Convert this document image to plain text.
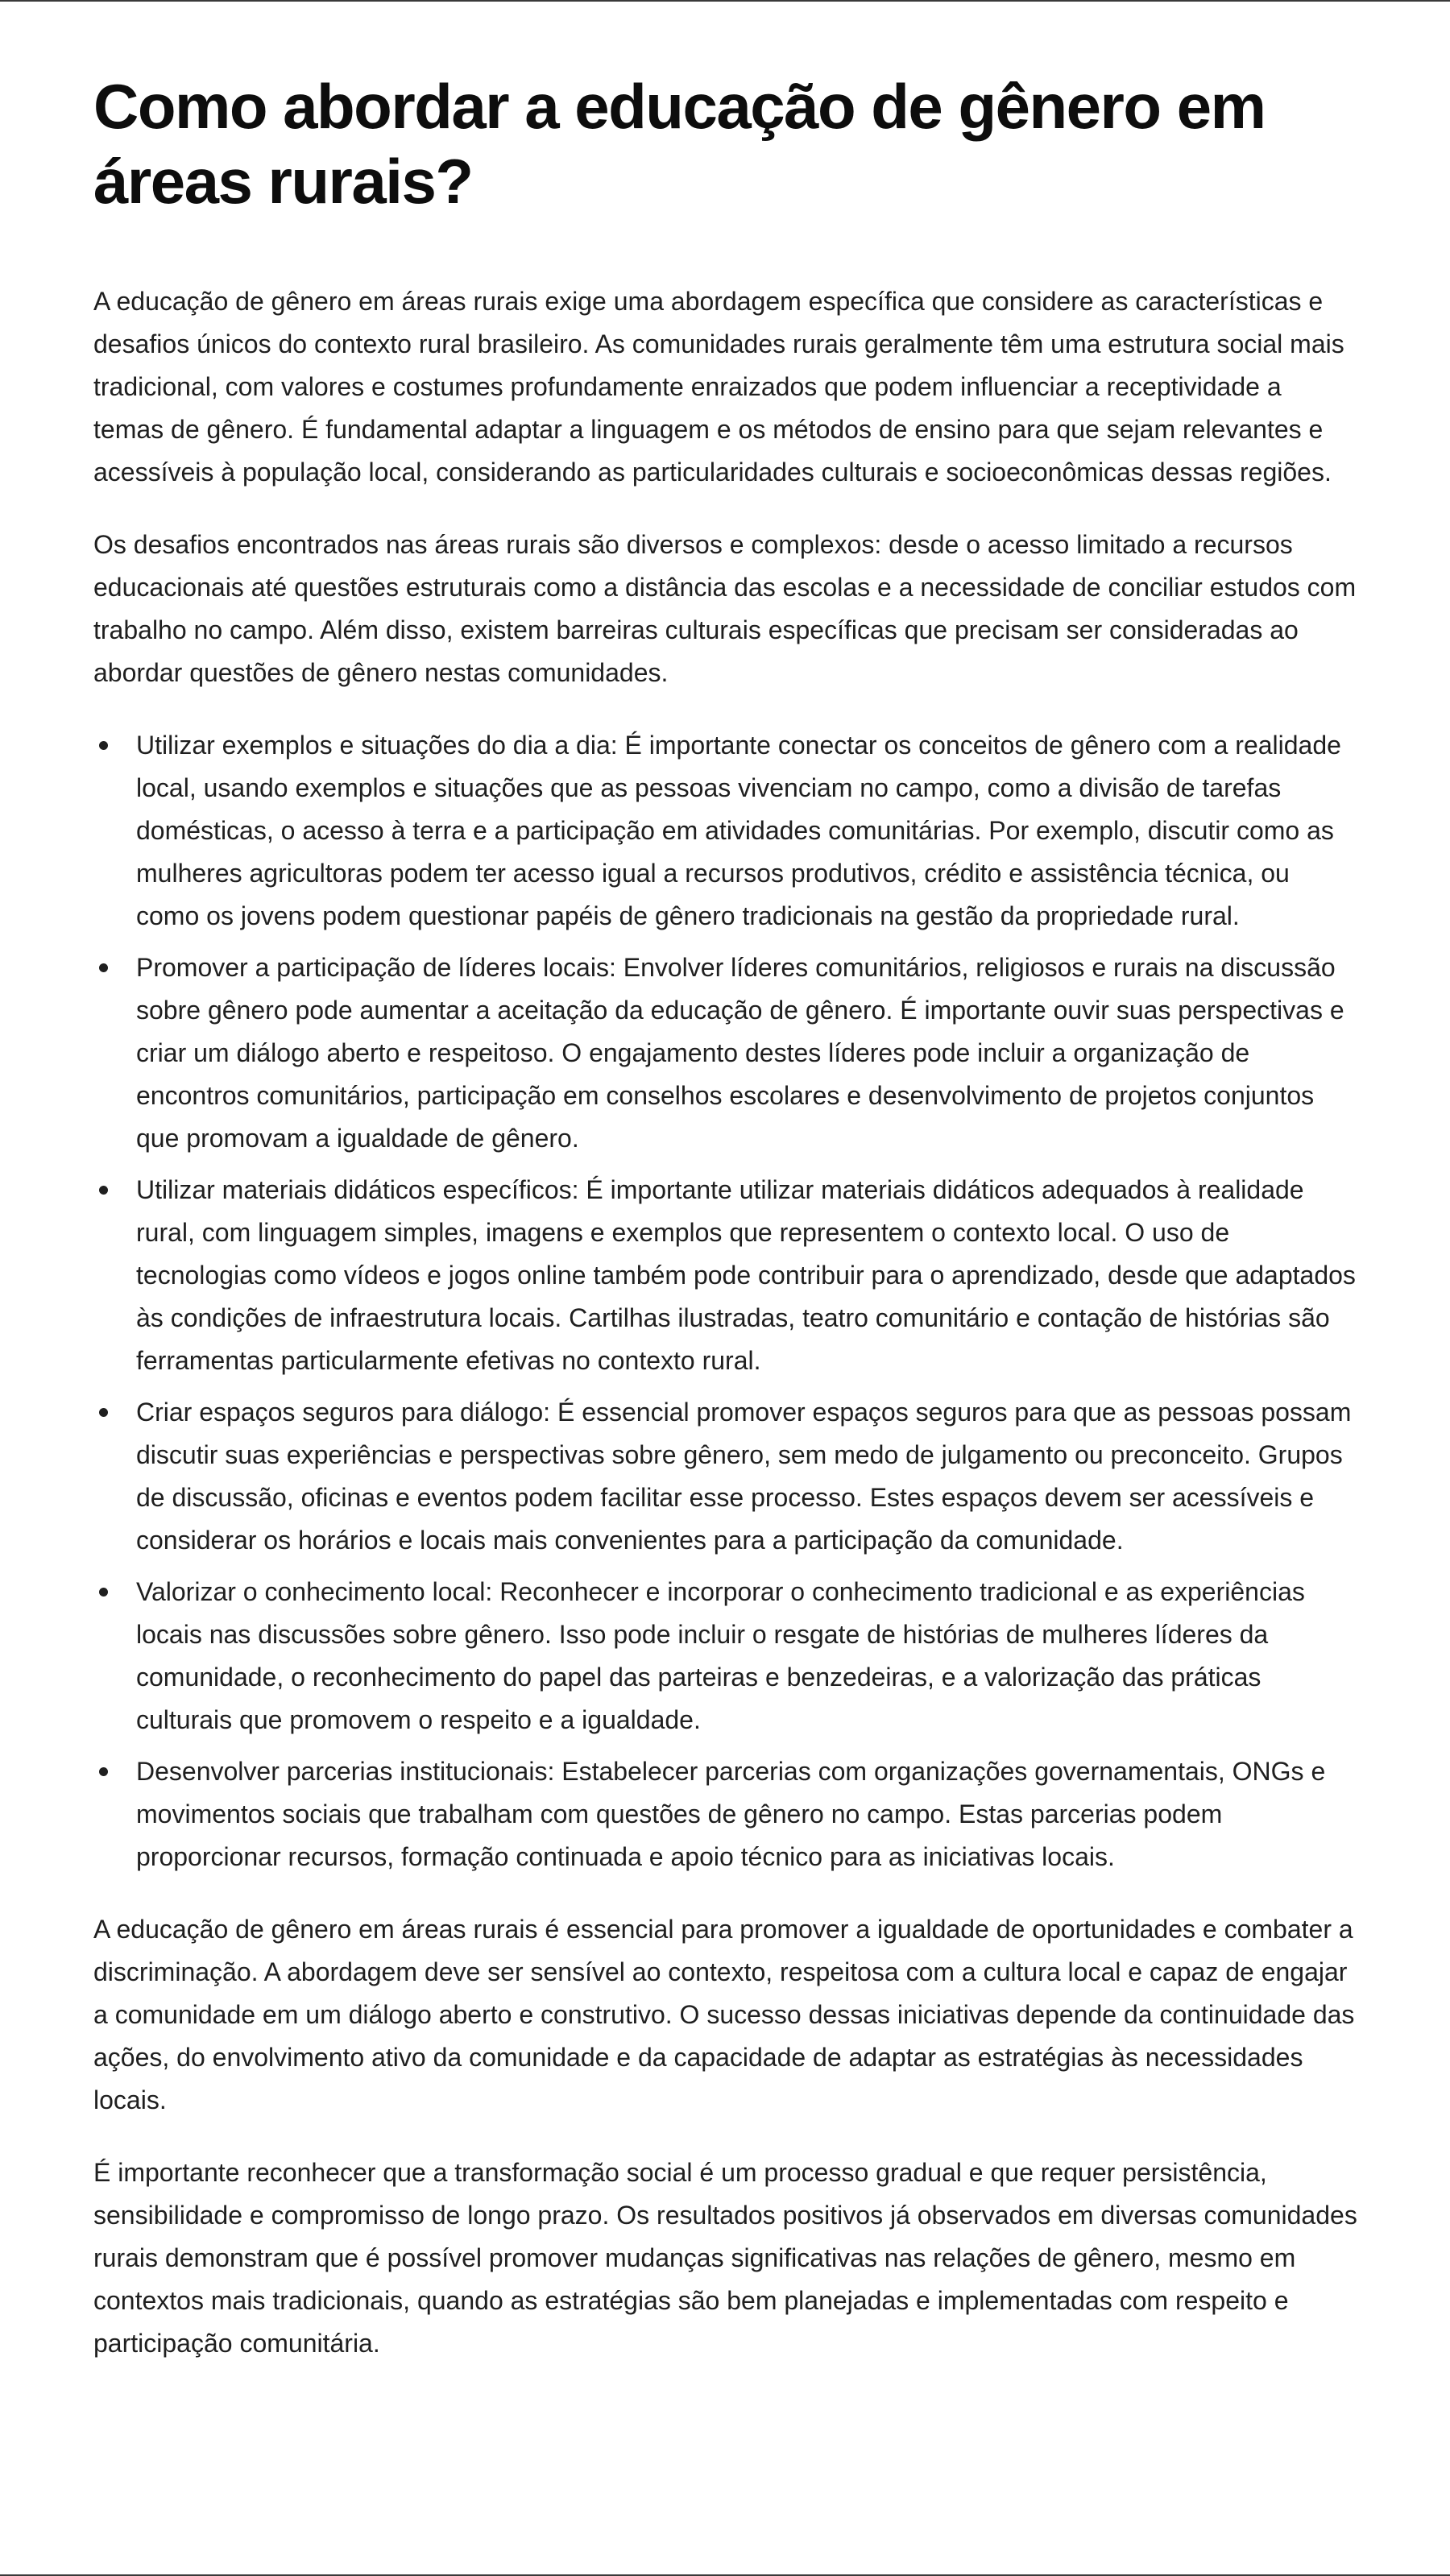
Como abordar a educação de gênero em áreas rurais?

A educação de gênero em áreas rurais exige uma abordagem específica que considere as características e desafios únicos do contexto rural brasileiro. As comunidades rurais geralmente têm uma estrutura social mais tradicional, com valores e costumes profundamente enraizados que podem influenciar a receptividade a temas de gênero. É fundamental adaptar a linguagem e os métodos de ensino para que sejam relevantes e acessíveis à população local, considerando as particularidades culturais e socioeconômicas dessas regiões.

Os desafios encontrados nas áreas rurais são diversos e complexos: desde o acesso limitado a recursos educacionais até questões estruturais como a distância das escolas e a necessidade de conciliar estudos com trabalho no campo. Além disso, existem barreiras culturais específicas que precisam ser consideradas ao abordar questões de gênero nestas comunidades.

Utilizar exemplos e situações do dia a dia: É importante conectar os conceitos de gênero com a realidade local, usando exemplos e situações que as pessoas vivenciam no campo, como a divisão de tarefas domésticas, o acesso à terra e a participação em atividades comunitárias. Por exemplo, discutir como as mulheres agricultoras podem ter acesso igual a recursos produtivos, crédito e assistência técnica, ou como os jovens podem questionar papéis de gênero tradicionais na gestão da propriedade rural.
Promover a participação de líderes locais: Envolver líderes comunitários, religiosos e rurais na discussão sobre gênero pode aumentar a aceitação da educação de gênero. É importante ouvir suas perspectivas e criar um diálogo aberto e respeitoso. O engajamento destes líderes pode incluir a organização de encontros comunitários, participação em conselhos escolares e desenvolvimento de projetos conjuntos que promovam a igualdade de gênero.
Utilizar materiais didáticos específicos: É importante utilizar materiais didáticos adequados à realidade rural, com linguagem simples, imagens e exemplos que representem o contexto local. O uso de tecnologias como vídeos e jogos online também pode contribuir para o aprendizado, desde que adaptados às condições de infraestrutura locais. Cartilhas ilustradas, teatro comunitário e contação de histórias são ferramentas particularmente efetivas no contexto rural.
Criar espaços seguros para diálogo: É essencial promover espaços seguros para que as pessoas possam discutir suas experiências e perspectivas sobre gênero, sem medo de julgamento ou preconceito. Grupos de discussão, oficinas e eventos podem facilitar esse processo. Estes espaços devem ser acessíveis e considerar os horários e locais mais convenientes para a participação da comunidade.
Valorizar o conhecimento local: Reconhecer e incorporar o conhecimento tradicional e as experiências locais nas discussões sobre gênero. Isso pode incluir o resgate de histórias de mulheres líderes da comunidade, o reconhecimento do papel das parteiras e benzedeiras, e a valorização das práticas culturais que promovem o respeito e a igualdade.
Desenvolver parcerias institucionais: Estabelecer parcerias com organizações governamentais, ONGs e movimentos sociais que trabalham com questões de gênero no campo. Estas parcerias podem proporcionar recursos, formação continuada e apoio técnico para as iniciativas locais.

A educação de gênero em áreas rurais é essencial para promover a igualdade de oportunidades e combater a discriminação. A abordagem deve ser sensível ao contexto, respeitosa com a cultura local e capaz de engajar a comunidade em um diálogo aberto e construtivo. O sucesso dessas iniciativas depende da continuidade das ações, do envolvimento ativo da comunidade e da capacidade de adaptar as estratégias às necessidades locais.

É importante reconhecer que a transformação social é um processo gradual e que requer persistência, sensibilidade e compromisso de longo prazo. Os resultados positivos já observados em diversas comunidades rurais demonstram que é possível promover mudanças significativas nas relações de gênero, mesmo em contextos mais tradicionais, quando as estratégias são bem planejadas e implementadas com respeito e participação comunitária.
